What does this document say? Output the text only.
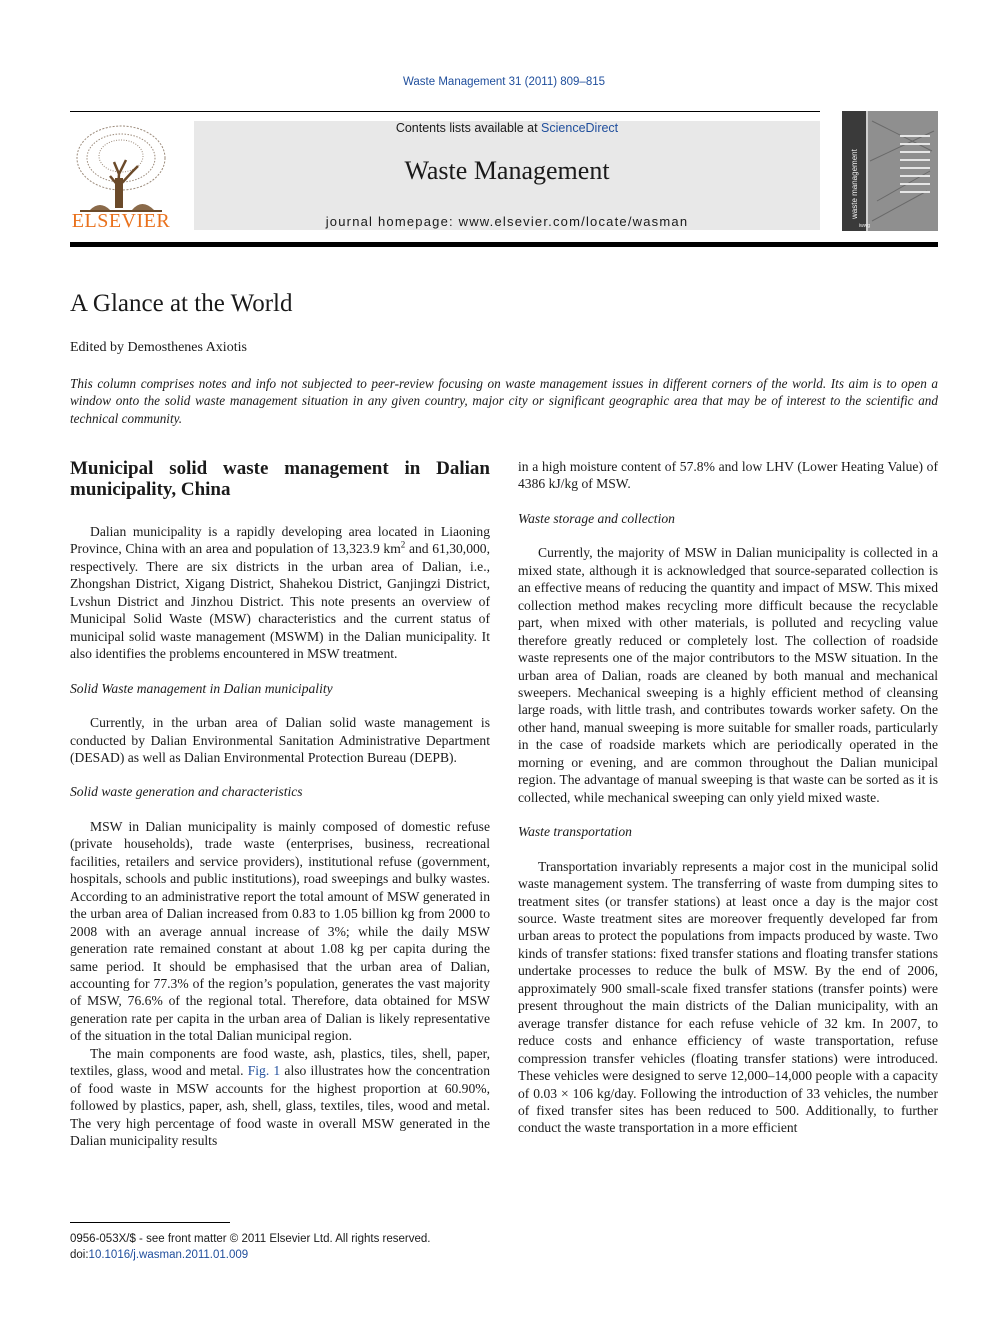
Waste Management 31 (2011) 809–815
ELSEVIER
Contents lists available at ScienceDirect
Waste Management
journal homepage: www.elsevier.com/locate/wasman
waste management
iwwg
A Glance at the World
Edited by Demosthenes Axiotis
This column comprises notes and info not subjected to peer-review focusing on waste management issues in different corners of the world. Its aim is to open a window onto the solid waste management situation in any given country, major city or significant geographic area that may be of interest to the scientific and technical community.
Municipal solid waste management in Dalian municipality, China

Dalian municipality is a rapidly developing area located in Liaoning Province, China with an area and population of 13,323.9 $km^2$ and 61,30,000, respectively. There are six districts in the urban area of Dalian, i.e., Zhongshan District, Xigang District, Shahekou District, Ganjingzi District, Lvshun District and Jinzhou District. This note presents an overview of Municipal Solid Waste (MSW) characteristics and the current status of municipal solid waste management (MSWM) in the Dalian municipality. It also identifies the problems encountered in MSW treatment.

Solid Waste management in Dalian municipality

Currently, in the urban area of Dalian solid waste management is conducted by Dalian Environmental Sanitation Administrative Department (DESAD) as well as Dalian Environmental Protection Bureau (DEPB).

Solid waste generation and characteristics

MSW in Dalian municipality is mainly composed of domestic refuse (private households), trade waste (enterprises, business, recreational facilities, retailers and service providers), institutional refuse (government, hospitals, schools and public institutions), road sweepings and bulky wastes. According to an administrative report the total amount of MSW generated in the urban area of Dalian increased from 0.83 to 1.05 billion kg from 2000 to 2008 with an average annual increase of 3%; while the daily MSW generation rate remained constant at about 1.08 kg per capita during the same period. It should be emphasised that the urban area of Dalian, accounting for 77.3% of the region’s population, generates the vast majority of MSW, 76.6% of the regional total. Therefore, data obtained for MSW generation rate per capita in the urban area of Dalian is likely representative of the situation in the total Dalian municipal region.

The main components are food waste, ash, plastics, tiles, shell, paper, textiles, glass, wood and metal. Fig. 1 also illustrates how the concentration of food waste in MSW accounts for the highest proportion at 60.90%, followed by plastics, paper, ash, shell, glass, textiles, tiles, wood and metal. The very high percentage of food waste in overall MSW generated in the Dalian municipality results

in a high moisture content of 57.8% and low LHV (Lower Heating Value) of 4386 kJ/kg of MSW.

Waste storage and collection

Currently, the majority of MSW in Dalian municipality is collected in a mixed state, although it is acknowledged that source-separated collection is an effective means of reducing the quantity and impact of MSW. This mixed collection method makes recycling more difficult because the recyclable part, when mixed with other materials, is polluted and recycling value therefore greatly reduced or completely lost. The collection of roadside waste represents one of the major contributors to the MSW situation. In the urban area of Dalian, roads are cleaned by both manual and mechanical sweepers. Mechanical sweeping is a highly efficient method of cleansing large roads, with little trash, and contributes towards worker safety. On the other hand, manual sweeping is more suitable for smaller roads, particularly in the case of roadside markets which are periodically operated in the morning or evening, and are common throughout the Dalian municipal region. The advantage of manual sweeping is that waste can be sorted as it is collected, while mechanical sweeping can only yield mixed waste.

Waste transportation

Transportation invariably represents a major cost in the municipal solid waste management system. The transferring of waste from dumping sites to treatment sites (or transfer stations) at least once a day is the major cost source. Waste treatment sites are moreover frequently developed far from urban areas to protect the populations from impacts produced by waste. Two kinds of transfer stations: fixed transfer stations and floating transfer stations undertake processes to reduce the bulk of MSW. By the end of 2006, approximately 900 small-scale fixed transfer stations (transfer points) were present throughout the main districts of the Dalian municipality, with an average transfer distance for each refuse vehicle of 32 km. In 2007, to reduce costs and enhance efficiency of waste transportation, refuse compression transfer vehicles (floating transfer stations) were introduced. These vehicles were designed to serve 12,000–14,000 people with a capacity of 0.03 × 106 kg/day. Following the introduction of 33 vehicles, the number of fixed transfer sites has been reduced to 500. Additionally, to further conduct the waste transportation in a more efficient

0956-053X/$ - see front matter © 2011 Elsevier Ltd. All rights reserved.
doi:10.1016/j.wasman.2011.01.009
